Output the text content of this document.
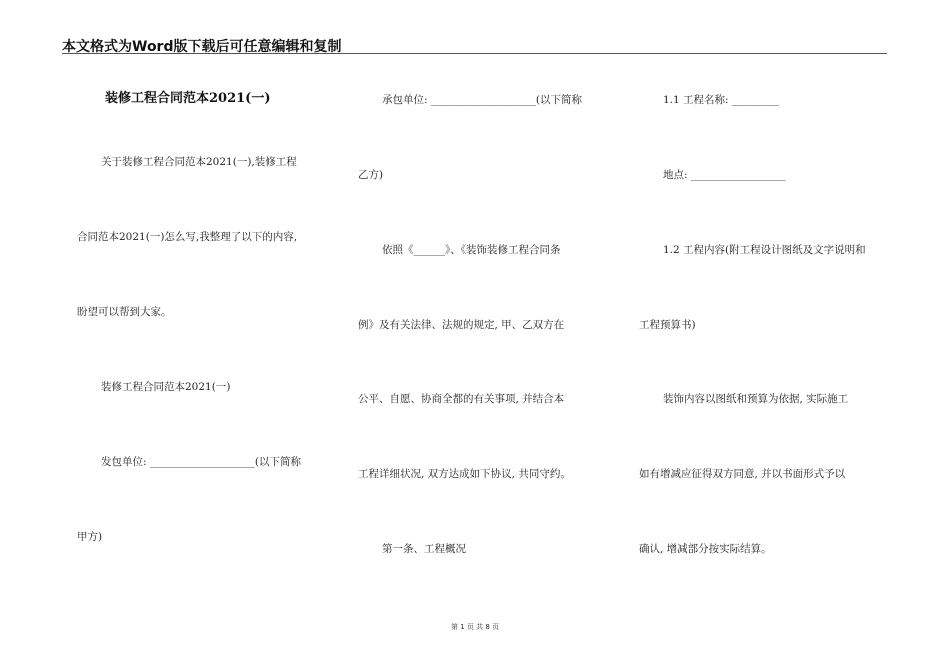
本文格式为Word版下载后可任意编辑和复制
装修工程合同范本2021(一)
关于装修工程合同范本2021(一),装修工程
合同范本2021(一)怎么写,我整理了以下的内容,
盼望可以帮到大家。
装修工程合同范本2021(一)
发包单位: ____________________(以下简称
甲方)
承包单位: ____________________(以下简称
乙方)
依照《______》、《装饰装修工程合同条
例》及有关法律、法规的规定, 甲、乙双方在
公平、自愿、协商全都的有关事项, 并结合本
工程详细状况, 双方达成如下协议, 共同守约。
第一条、工程概况
1.1 工程名称: _________
地点: __________________
1.2 工程内容(附工程设计图纸及文字说明和
工程预算书)
装饰内容以图纸和预算为依据, 实际施工
如有增减应征得双方同意, 并以书面形式予以
确认, 增减部分按实际结算。
第 1 页 共 8 页
